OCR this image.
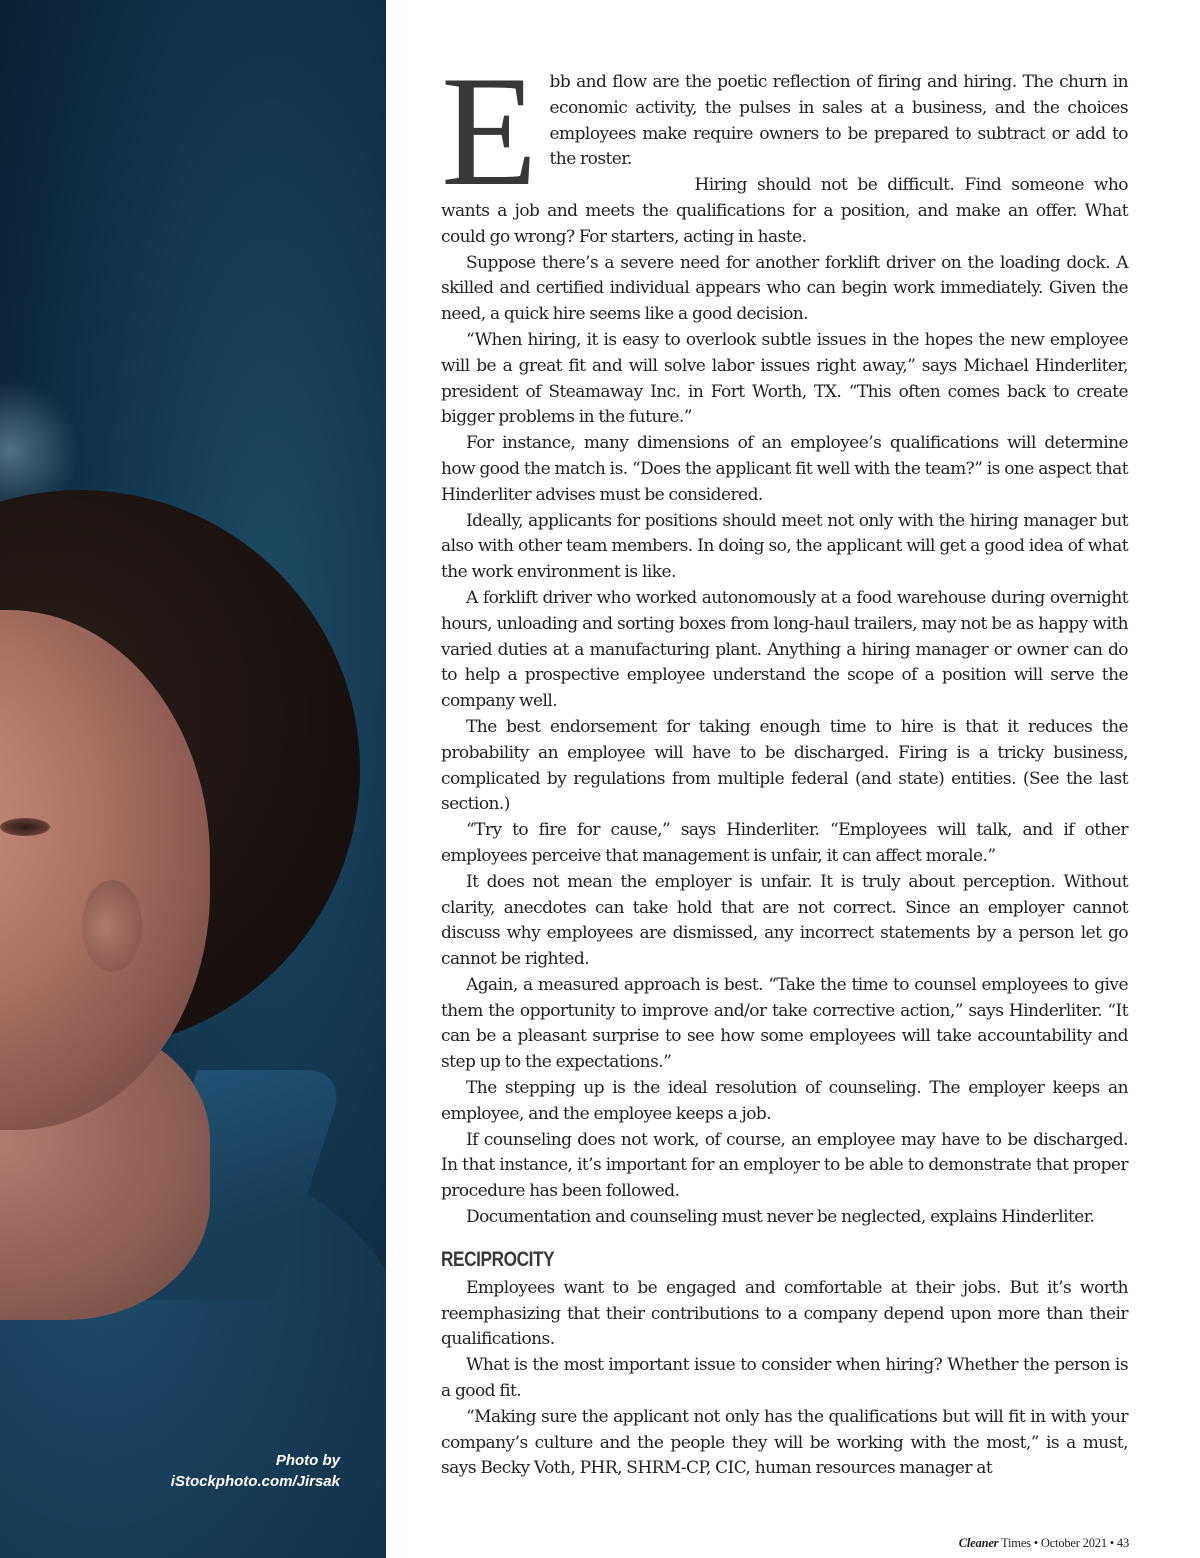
Photo by
iStockphoto.com/Jirsak

Ebb and flow are the poetic reflection of firing and hiring. The churn in economic activity, the pulses in sales at a business, and the choices employees make require owners to be prepared to subtract or add to the roster.

Hiring should not be difficult. Find someone who wants a job and meets the qualifications for a position, and make an offer. What could go wrong? For starters, acting in haste.

Suppose there’s a severe need for another forklift driver on the loading dock. A skilled and certified individual appears who can begin work immediately. Given the need, a quick hire seems like a good decision.

“When hiring, it is easy to overlook subtle issues in the hopes the new employee will be a great fit and will solve labor issues right away,” says Michael Hinderliter, president of Steamaway Inc. in Fort Worth, TX. “This often comes back to create bigger problems in the future.”

For instance, many dimensions of an employee’s qualifications will determine how good the match is. “Does the applicant fit well with the team?” is one aspect that Hinderliter advises must be considered.

Ideally, applicants for positions should meet not only with the hiring manager but also with other team members. In doing so, the applicant will get a good idea of what the work environment is like.

A forklift driver who worked autonomously at a food warehouse during overnight hours, unloading and sorting boxes from long-haul trailers, may not be as happy with varied duties at a manufacturing plant. Anything a hiring manager or owner can do to help a prospective employee understand the scope of a position will serve the company well.

The best endorsement for taking enough time to hire is that it reduces the probability an employee will have to be discharged. Firing is a tricky business, complicated by regulations from multiple federal (and state) entities. (See the last section.)

“Try to fire for cause,” says Hinderliter. “Employees will talk, and if other employees perceive that management is unfair, it can affect morale.”

It does not mean the employer is unfair. It is truly about perception. Without clarity, anecdotes can take hold that are not correct. Since an employer cannot discuss why employees are dismissed, any incorrect statements by a person let go cannot be righted.

Again, a measured approach is best. “Take the time to counsel employees to give them the opportunity to improve and/or take corrective action,” says Hinderliter. “It can be a pleasant surprise to see how some employees will take accountability and step up to the expectations.”

The stepping up is the ideal resolution of counseling. The employer keeps an employee, and the employee keeps a job.

If counseling does not work, of course, an employee may have to be discharged. In that instance, it’s important for an employer to be able to demonstrate that proper procedure has been followed.

Documentation and counseling must never be neglected, explains Hinderliter.

RECIPROCITY

Employees want to be engaged and comfortable at their jobs. But it’s worth reemphasizing that their contributions to a company depend upon more than their qualifications.

What is the most important issue to consider when hiring? Whether the person is a good fit.

“Making sure the applicant not only has the qualifications but will fit in with your company’s culture and the people they will be working with the most,” is a must, says Becky Voth, PHR, SHRM-CP, CIC, human resources manager at

Cleaner Times • October 2021 • 43
